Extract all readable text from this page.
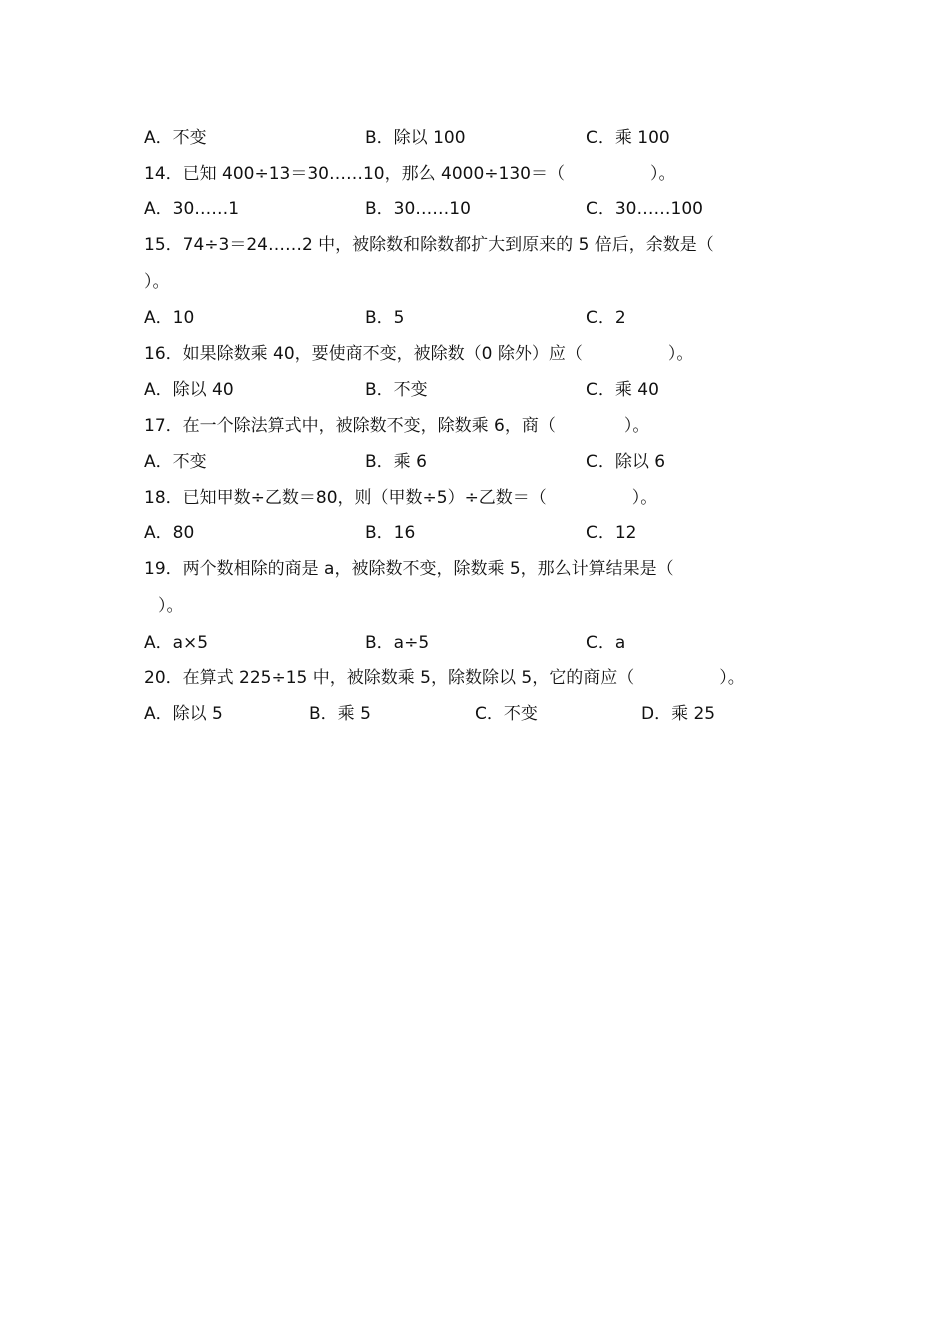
A．不变	B．除以 100	C．乘 100
14．已知 400÷13＝30……10，那么 4000÷130＝（　　　　　）。
A．30……1	B．30……10	C．30……100
15．74÷3＝24……2 中，被除数和除数都扩大到原来的 5 倍后，余数是（
）。
A．10	B．5	C．2
16．如果除数乘 40，要使商不变，被除数（0 除外）应（　　　　　）。
A．除以 40	B．不变	C．乘 40
17．在一个除法算式中，被除数不变，除数乘 6，商（　　　　）。
A．不变	B．乘 6	C．除以 6
18．已知甲数÷乙数＝80，则（甲数÷5）÷乙数＝（　　　　　）。
A．80	B．16	C．12
19．两个数相除的商是 a，被除数不变，除数乘 5，那么计算结果是（
）。
A．a×5	B．a÷5	C．a
20．在算式 225÷15 中，被除数乘 5，除数除以 5，它的商应（　　　　　）。
A．除以 5	B．乘 5	C．不变	D．乘 25
